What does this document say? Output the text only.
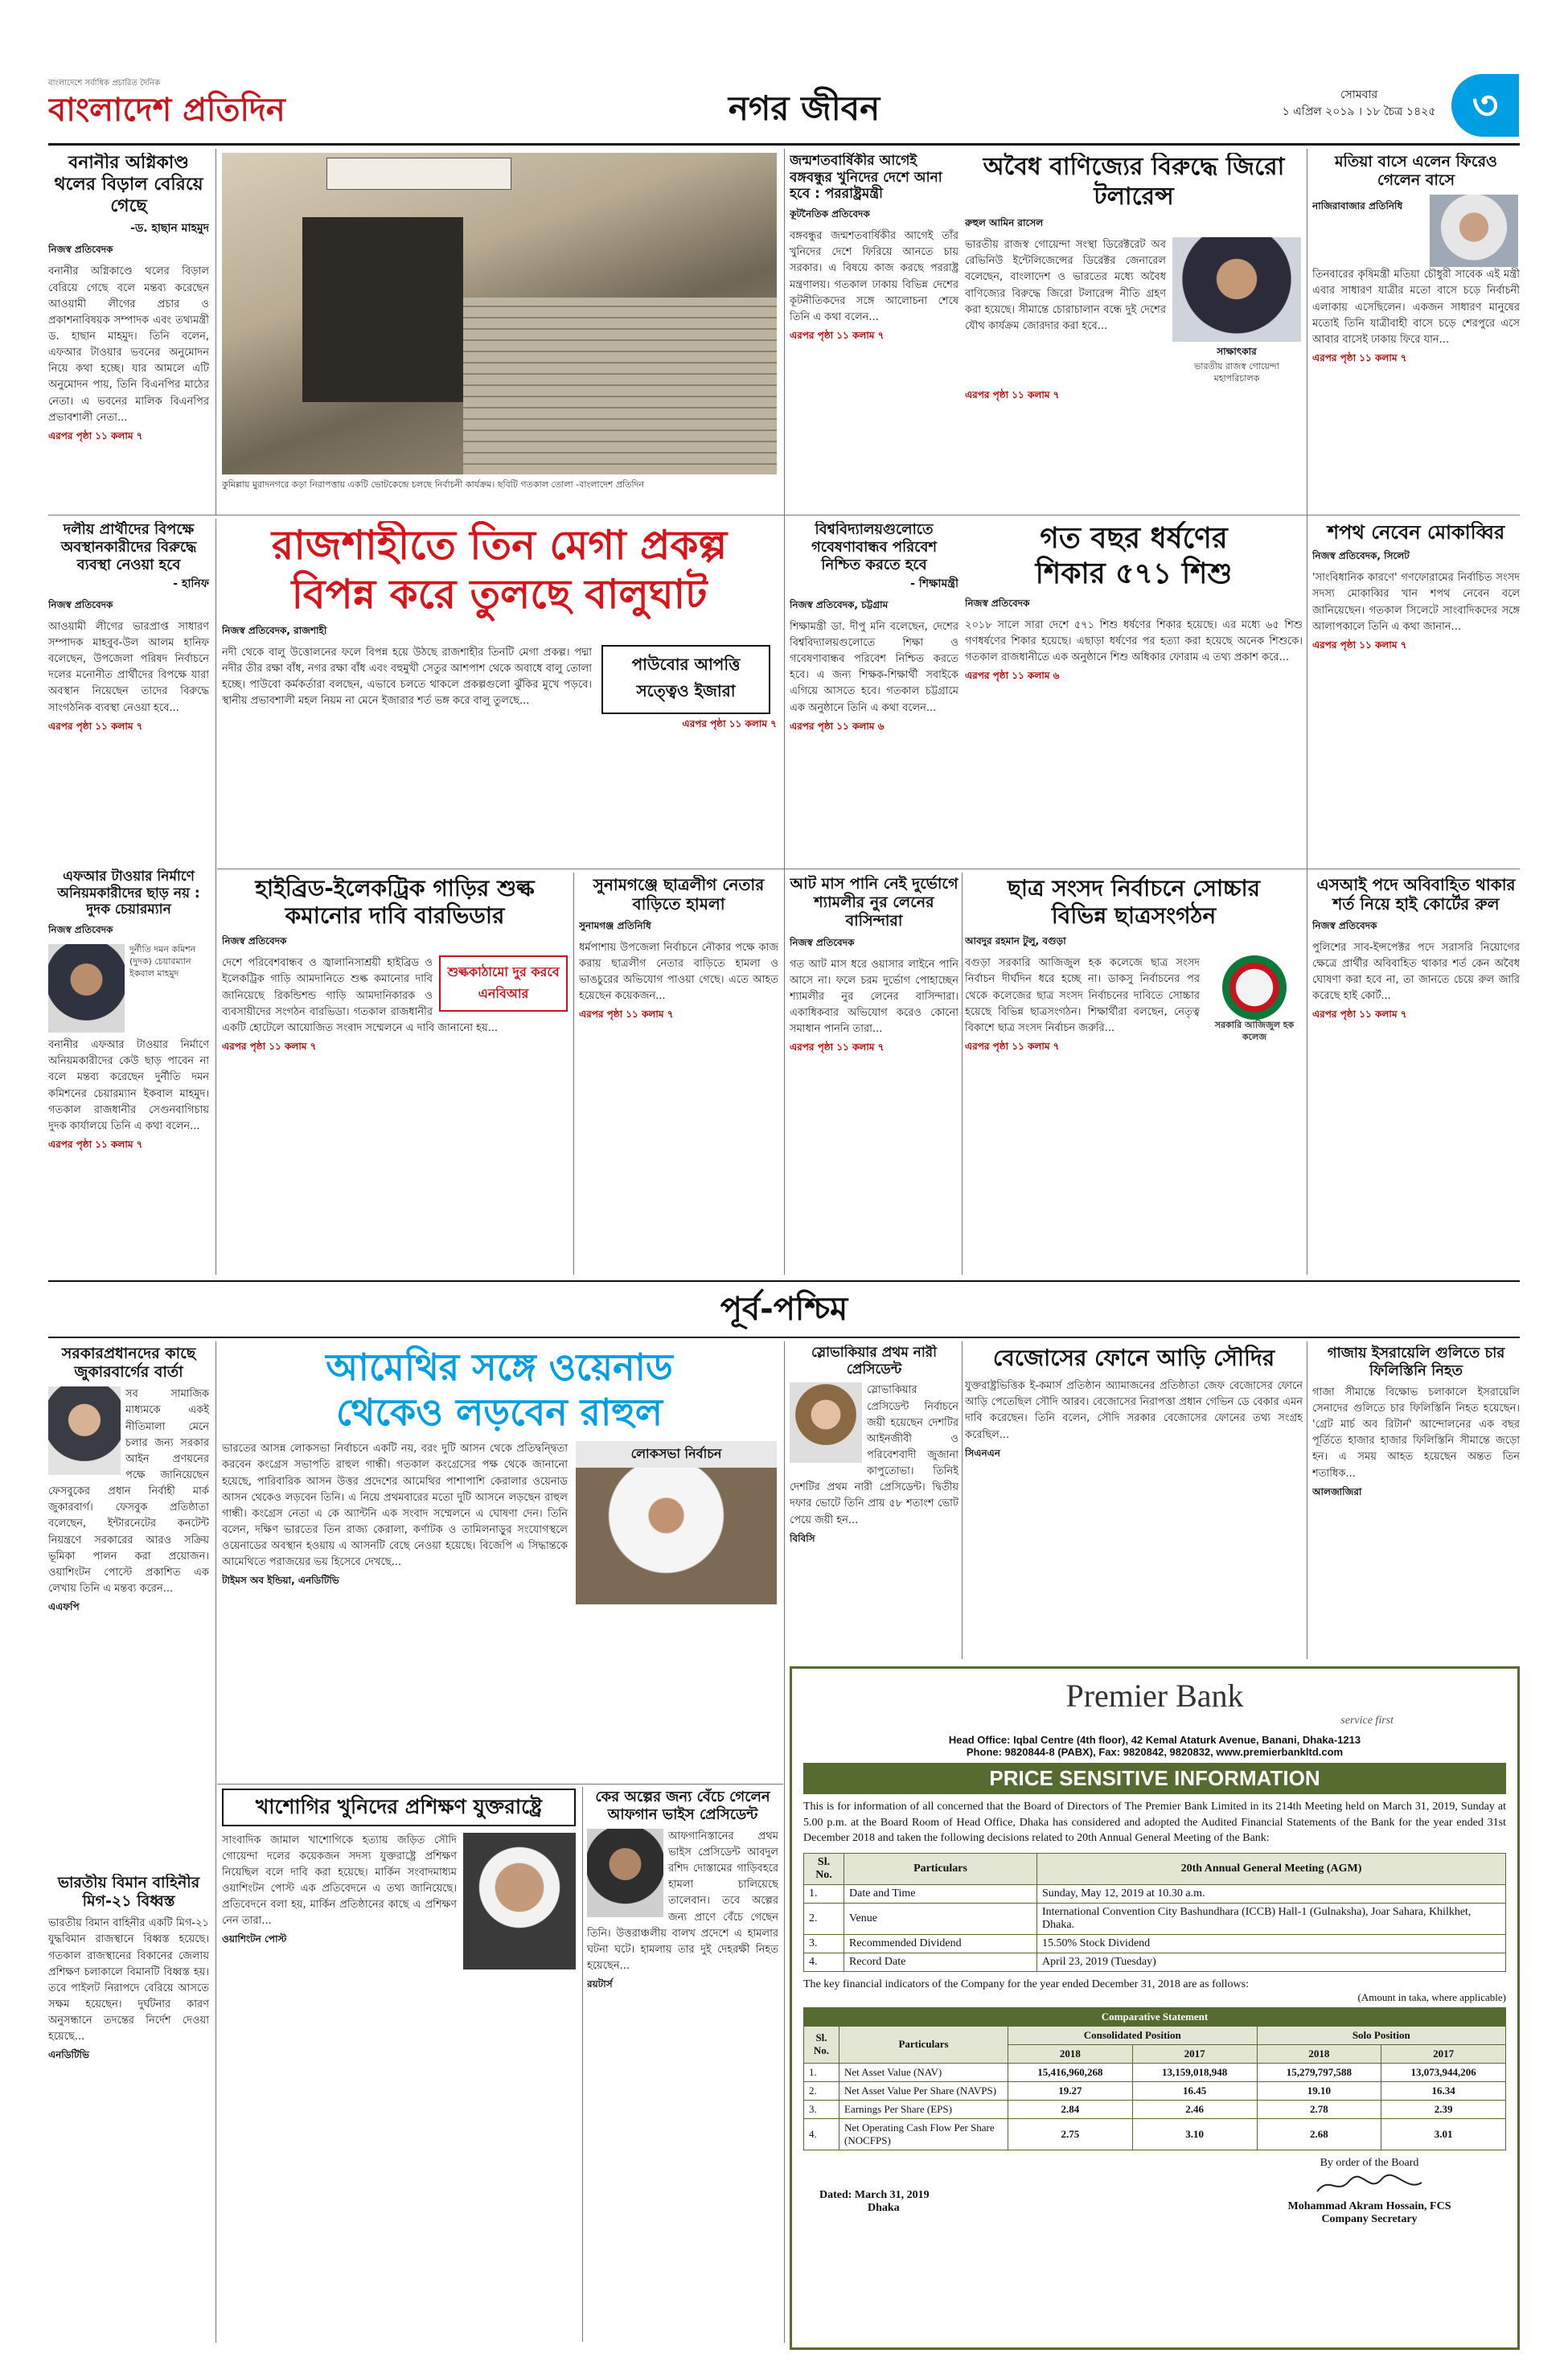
বাংলাদেশে সর্বাধিক প্রচারিত দৈনিক
বাংলাদেশ প্রতিদিন	নগর জীবন	সোমবার
১ এপ্রিল ২০১৯ । ১৮ চৈত্র ১৪২৫ ৩
বনানীর অগ্নিকাণ্ড থলের বিড়াল বেরিয়ে গেছে
-ড. হাছান মাহমুদ
নিজস্ব প্রতিবেদক
বনানীর অগ্নিকাণ্ডে থলের বিড়াল বেরিয়ে গেছে বলে মন্তব্য করেছেন আওয়ামী লীগের প্রচার ও প্রকাশনাবিষয়ক সম্পাদক এবং তথ্যমন্ত্রী ড. হাছান মাহমুদ। তিনি বলেন, এফআর টাওয়ার ভবনের অনুমোদন নিয়ে কথা হচ্ছে। যার আমলে এটি অনুমোদন পায়, তিনি বিএনপির মাঠের নেতা। এ ভবনের মালিক বিএনপির প্রভাবশালী নেতা...
এরপর পৃষ্ঠা ১১ কলাম ৭
কুমিল্লায় মুরাদনগরে কড়া নিরাপত্তায় একটি ভোটকেন্দ্রে চলছে নির্বাচনী কার্যক্রম। ছবিটি গতকাল তোলা -বাংলাদেশ প্রতিদিন
জন্মশতবার্ষিকীর আগেই বঙ্গবন্ধুর খুনিদের দেশে আনা হবে : পররাষ্ট্রমন্ত্রী
কূটনৈতিক প্রতিবেদক
বঙ্গবন্ধুর জন্মশতবার্ষিকীর আগেই তাঁর খুনিদের দেশে ফিরিয়ে আনতে চায় সরকার। এ বিষয়ে কাজ করছে পররাষ্ট্র মন্ত্রণালয়। গতকাল ঢাকায় বিভিন্ন দেশের কূটনীতিকদের সঙ্গে আলোচনা শেষে তিনি এ কথা বলেন...
এরপর পৃষ্ঠা ১১ কলাম ৭
অবৈধ বাণিজ্যের বিরুদ্ধে জিরো টলারেন্স
রুহুল আমিন রাসেল
ভারতীয় রাজস্ব গোয়েন্দা সংস্থা ডিরেক্টরেট অব রেভিনিউ ইন্টেলিজেন্সের ডিরেক্টর জেনারেল বলেছেন, বাংলাদেশ ও ভারতের মধ্যে অবৈধ বাণিজ্যের বিরুদ্ধে জিরো টলারেন্স নীতি গ্রহণ করা হয়েছে। সীমান্তে চোরাচালান বন্ধে দুই দেশের যৌথ কার্যক্রম জোরদার করা হবে...
সাক্ষাৎকার
ভারতীয় রাজস্ব গোয়েন্দা মহাপরিচালক
এরপর পৃষ্ঠা ১১ কলাম ৭
মতিয়া বাসে এলেন ফিরেও গেলেন বাসে
নাজিরাবাজার প্রতিনিধি
তিনবারের কৃষিমন্ত্রী মতিয়া চৌধুরী সাবেক এই মন্ত্রী এবার সাধারণ যাত্রীর মতো বাসে চড়ে নির্বাচনী এলাকায় এসেছিলেন। একজন সাধারণ মানুষের মতোই তিনি যাত্রীবাহী বাসে চড়ে শেরপুরে এসে আবার বাসেই ঢাকায় ফিরে যান...
এরপর পৃষ্ঠা ১১ কলাম ৭
দলীয় প্রার্থীদের বিপক্ষে অবস্থানকারীদের বিরুদ্ধে ব্যবস্থা নেওয়া হবে
- হানিফ
নিজস্ব প্রতিবেদক
আওয়ামী লীগের ভারপ্রাপ্ত সাধারণ সম্পাদক মাহবুব-উল আলম হানিফ বলেছেন, উপজেলা পরিষদ নির্বাচনে দলের মনোনীত প্রার্থীদের বিপক্ষে যারা অবস্থান নিয়েছেন তাদের বিরুদ্ধে সাংগঠনিক ব্যবস্থা নেওয়া হবে...
এরপর পৃষ্ঠা ১১ কলাম ৭
রাজশাহীতে তিন মেগা প্রকল্প
বিপন্ন করে তুলছে বালুঘাট
নিজস্ব প্রতিবেদক, রাজশাহী
নদী থেকে বালু উত্তোলনের ফলে বিপন্ন হয়ে উঠছে রাজশাহীর তিনটি মেগা প্রকল্প। পদ্মা নদীর তীর রক্ষা বাঁধ, নগর রক্ষা বাঁধ এবং বহুমুখী সেতুর আশপাশ থেকে অবাধে বালু তোলা হচ্ছে। পাউবো কর্মকর্তারা বলছেন, এভাবে চলতে থাকলে প্রকল্পগুলো ঝুঁকির মুখে পড়বে। স্থানীয় প্রভাবশালী মহল নিয়ম না মেনে ইজারার শর্ত ভঙ্গ করে বালু তুলছে...
পাউবোর আপত্তি সত্ত্বেও ইজারা
এরপর পৃষ্ঠা ১১ কলাম ৭
বিশ্ববিদ্যালয়গুলোতে গবেষণাবান্ধব পরিবেশ নিশ্চিত করতে হবে
- শিক্ষামন্ত্রী
নিজস্ব প্রতিবেদক, চট্টগ্রাম
শিক্ষামন্ত্রী ডা. দীপু মনি বলেছেন, দেশের বিশ্ববিদ্যালয়গুলোতে শিক্ষা ও গবেষণাবান্ধব পরিবেশ নিশ্চিত করতে হবে। এ জন্য শিক্ষক-শিক্ষার্থী সবাইকে এগিয়ে আসতে হবে। গতকাল চট্টগ্রামে এক অনুষ্ঠানে তিনি এ কথা বলেন...
এরপর পৃষ্ঠা ১১ কলাম ৬
গত বছর ধর্ষণের
শিকার ৫৭১ শিশু
নিজস্ব প্রতিবেদক
২০১৮ সালে সারা দেশে ৫৭১ শিশু ধর্ষণের শিকার হয়েছে। এর মধ্যে ৬৫ শিশু গণধর্ষণের শিকার হয়েছে। এছাড়া ধর্ষণের পর হত্যা করা হয়েছে অনেক শিশুকে। গতকাল রাজধানীতে এক অনুষ্ঠানে শিশু অধিকার ফোরাম এ তথ্য প্রকাশ করে...
এরপর পৃষ্ঠা ১১ কলাম ৬
শপথ নেবেন মোকাব্বির
নিজস্ব প্রতিবেদক, সিলেট
'সাংবিধানিক কারণে' গণফোরামের নির্বাচিত সংসদ সদস্য মোকাব্বির খান শপথ নেবেন বলে জানিয়েছেন। গতকাল সিলেটে সাংবাদিকদের সঙ্গে আলাপকালে তিনি এ কথা জানান...
এরপর পৃষ্ঠা ১১ কলাম ৭
এফআর টাওয়ার নির্মাণে অনিয়মকারীদের ছাড় নয় : দুদক চেয়ারম্যান
নিজস্ব প্রতিবেদক
দুর্নীতি দমন কমিশন (দুদক) চেয়ারম্যান ইকবাল মাহমুদ
বনানীর এফআর টাওয়ার নির্মাণে অনিয়মকারীদের কেউ ছাড় পাবেন না বলে মন্তব্য করেছেন দুর্নীতি দমন কমিশনের চেয়ারম্যান ইকবাল মাহমুদ। গতকাল রাজধানীর সেগুনবাগিচায় দুদক কার্যালয়ে তিনি এ কথা বলেন...
এরপর পৃষ্ঠা ১১ কলাম ৭
হাইব্রিড-ইলেকট্রিক গাড়ির শুল্ক
কমানোর দাবি বারভিডার
নিজস্ব প্রতিবেদক
শুল্ককাঠামো দুর করবে এনবিআর
দেশে পরিবেশবান্ধব ও জ্বালানিসাশ্রয়ী হাইব্রিড ও ইলেকট্রিক গাড়ি আমদানিতে শুল্ক কমানোর দাবি জানিয়েছে রিকন্ডিশন্ড গাড়ি আমদানিকারক ও ব্যবসায়ীদের সংগঠন বারভিডা। গতকাল রাজধানীর একটি হোটেলে আয়োজিত সংবাদ সম্মেলনে এ দাবি জানানো হয়...
এরপর পৃষ্ঠা ১১ কলাম ৭
সুনামগঞ্জে ছাত্রলীগ নেতার বাড়িতে হামলা
সুনামগঞ্জ প্রতিনিধি
ধর্মপাশায় উপজেলা নির্বাচনে নৌকার পক্ষে কাজ করায় ছাত্রলীগ নেতার বাড়িতে হামলা ও ভাঙচুরের অভিযোগ পাওয়া গেছে। এতে আহত হয়েছেন কয়েকজন...
এরপর পৃষ্ঠা ১১ কলাম ৭
আট মাস পানি নেই দুর্ভোগে শ্যামলীর নুর লেনের বাসিন্দারা
নিজস্ব প্রতিবেদক
গত আট মাস ধরে ওয়াসার লাইনে পানি আসে না। ফলে চরম দুর্ভোগ পোহাচ্ছেন শ্যামলীর নুর লেনের বাসিন্দারা। একাধিকবার অভিযোগ করেও কোনো সমাধান পাননি তারা...
এরপর পৃষ্ঠা ১১ কলাম ৭
ছাত্র সংসদ নির্বাচনে সোচ্চার
বিভিন্ন ছাত্রসংগঠন
আবদুর রহমান টুলু, বগুড়া
সরকারি আজিজুল হক কলেজ
বগুড়া সরকারি আজিজুল হক কলেজে ছাত্র সংসদ নির্বাচন দীর্ঘদিন ধরে হচ্ছে না। ডাকসু নির্বাচনের পর থেকে কলেজের ছাত্র সংসদ নির্বাচনের দাবিতে সোচ্চার হয়েছে বিভিন্ন ছাত্রসংগঠন। শিক্ষার্থীরা বলছেন, নেতৃত্ব বিকাশে ছাত্র সংসদ নির্বাচন জরুরি...
এরপর পৃষ্ঠা ১১ কলাম ৭
এসআই পদে অবিবাহিত থাকার শর্ত নিয়ে হাই কোর্টের রুল
নিজস্ব প্রতিবেদক
পুলিশের সাব-ইন্সপেক্টর পদে সরাসরি নিয়োগের ক্ষেত্রে প্রার্থীর অবিবাহিত থাকার শর্ত কেন অবৈধ ঘোষণা করা হবে না, তা জানতে চেয়ে রুল জারি করেছে হাই কোর্ট...
এরপর পৃষ্ঠা ১১ কলাম ৭
পূর্ব-পশ্চিম
সরকারপ্রধানদের কাছে জুকারবার্গের বার্তা
সব সামাজিক মাধ্যমকে একই নীতিমালা মেনে চলার জন্য সরকার আইন প্রণয়নের পক্ষে জানিয়েছেন ফেসবুকের প্রধান নির্বাহী মার্ক জুকারবার্গ। ফেসবুক প্রতিষ্ঠাতা বলেছেন, ইন্টারনেটের কনটেন্ট নিয়ন্ত্রণে সরকারের আরও সক্রিয় ভূমিকা পালন করা প্রয়োজন। ওয়াশিংটন পোস্টে প্রকাশিত এক লেখায় তিনি এ মন্তব্য করেন...
এএফপি
ভারতীয় বিমান বাহিনীর মিগ-২১ বিধ্বস্ত
ভারতীয় বিমান বাহিনীর একটি মিগ-২১ যুদ্ধবিমান রাজস্থানে বিধ্বস্ত হয়েছে। গতকাল রাজস্থানের বিকানের জেলায় প্রশিক্ষণ চলাকালে বিমানটি বিধ্বস্ত হয়। তবে পাইলট নিরাপদে বেরিয়ে আসতে সক্ষম হয়েছেন। দুর্ঘটনার কারণ অনুসন্ধানে তদন্তের নির্দেশ দেওয়া হয়েছে...
এনডিটিভি
আমেথির সঙ্গে ওয়েনাড
থেকেও লড়বেন রাহুল
লোকসভা নির্বাচন
ভারতের আসন্ন লোকসভা নির্বাচনে একটি নয়, বরং দুটি আসন থেকে প্রতিদ্বন্দ্বিতা করবেন কংগ্রেস সভাপতি রাহুল গান্ধী। গতকাল কংগ্রেসের পক্ষ থেকে জানানো হয়েছে, পারিবারিক আসন উত্তর প্রদেশের আমেথির পাশাপাশি কেরালার ওয়েনাড আসন থেকেও লড়বেন তিনি। এ নিয়ে প্রথমবারের মতো দুটি আসনে লড়ছেন রাহুল গান্ধী। কংগ্রেস নেতা এ কে অ্যান্টনি এক সংবাদ সম্মেলনে এ ঘোষণা দেন। তিনি বলেন, দক্ষিণ ভারতের তিন রাজ্য কেরালা, কর্ণাটক ও তামিলনাড়ুর সংযোগস্থলে ওয়েনাডের অবস্থান হওয়ায় এ আসনটি বেছে নেওয়া হয়েছে। বিজেপি এ সিদ্ধান্তকে আমেথিতে পরাজয়ের ভয় হিসেবে দেখছে...
টাইমস অব ইন্ডিয়া, এনডিটিভি
খাশোগির খুনিদের প্রশিক্ষণ যুক্তরাষ্ট্রে
সাংবাদিক জামাল খাশোগিকে হত্যায় জড়িত সৌদি গোয়েন্দা দলের কয়েকজন সদস্য যুক্তরাষ্ট্রে প্রশিক্ষণ নিয়েছিল বলে দাবি করা হয়েছে। মার্কিন সংবাদমাধ্যম ওয়াশিংটন পোস্ট এক প্রতিবেদনে এ তথ্য জানিয়েছে। প্রতিবেদনে বলা হয়, মার্কিন প্রতিষ্ঠানের কাছে এ প্রশিক্ষণ নেন তারা...
ওয়াশিংটন পোস্ট
কের অল্পের জন্য বেঁচে গেলেন আফগান ভাইস প্রেসিডেন্ট
আফগানিস্তানের প্রথম ভাইস প্রেসিডেন্ট আবদুল রশিদ দোস্তামের গাড়িবহরে হামলা চালিয়েছে তালেবান। তবে অল্পের জন্য প্রাণে বেঁচে গেছেন তিনি। উত্তরাঞ্চলীয় বালখ প্রদেশে এ হামলার ঘটনা ঘটে। হামলায় তার দুই দেহরক্ষী নিহত হয়েছেন...
রয়টার্স
স্লোভাকিয়ার প্রথম নারী প্রেসিডেন্ট
স্লোভাকিয়ার প্রেসিডেন্ট নির্বাচনে জয়ী হয়েছেন দেশটির আইনজীবী ও পরিবেশবাদী জুজানা কাপুতোভা। তিনিই দেশটির প্রথম নারী প্রেসিডেন্ট। দ্বিতীয় দফার ভোটে তিনি প্রায় ৫৮ শতাংশ ভোট পেয়ে জয়ী হন...
বিবিসি
বেজোসের ফোনে আড়ি সৌদির
যুক্তরাষ্ট্রভিত্তিক ই-কমার্স প্রতিষ্ঠান অ্যামাজনের প্রতিষ্ঠাতা জেফ বেজোসের ফোনে আড়ি পেতেছিল সৌদি আরব। বেজোসের নিরাপত্তা প্রধান গেভিন ডে বেকার এমন দাবি করেছেন। তিনি বলেন, সৌদি সরকার বেজোসের ফোনের তথ্য সংগ্রহ করেছিল...
সিএনএন
গাজায় ইসরায়েলি গুলিতে চার ফিলিস্তিনি নিহত
গাজা সীমান্তে বিক্ষোভ চলাকালে ইসরায়েলি সেনাদের গুলিতে চার ফিলিস্তিনি নিহত হয়েছেন। 'গ্রেট মার্চ অব রিটার্ন' আন্দোলনের এক বছর পূর্তিতে হাজার হাজার ফিলিস্তিনি সীমান্তে জড়ো হন। এ সময় আহত হয়েছেন অন্তত তিন শতাধিক...
আলজাজিরা
Premier Bank
service first
Head Office: Iqbal Centre (4th floor), 42 Kemal Ataturk Avenue, Banani, Dhaka-1213
Phone: 9820844-8 (PABX), Fax: 9820842, 9820832, www.premierbankltd.com
PRICE SENSITIVE INFORMATION
This is for information of all concerned that the Board of Directors of The Premier Bank Limited in its 214th Meeting held on March 31, 2019, Sunday at 5.00 p.m. at the Board Room of Head Office, Dhaka has considered and adopted the Audited Financial Statements of the Bank for the year ended 31st December 2018 and taken the following decisions related to 20th Annual General Meeting of the Bank:
Sl. No.	Particulars	20th Annual General Meeting (AGM)
1.	Date and Time	Sunday, May 12, 2019 at 10.30 a.m.
2.	Venue	International Convention City Bashundhara (ICCB) Hall-1 (Gulnaksha), Joar Sahara, Khilkhet, Dhaka.
3.	Recommended Dividend	15.50% Stock Dividend
4.	Record Date	April 23, 2019 (Tuesday)
The key financial indicators of the Company for the year ended December 31, 2018 are as follows:
(Amount in taka, where applicable)
Comparative Statement					
Sl. No.	Particulars	Consolidated Position		Solo Position	
		2018	2017	2018	2017
1.	Net Asset Value (NAV)	15,416,960,268	13,159,018,948	15,279,797,588	13,073,944,206
2.	Net Asset Value Per Share (NAVPS)	19.27	16.45	19.10	16.34
3.	Earnings Per Share (EPS)	2.84	2.46	2.78	2.39
4.	Net Operating Cash Flow Per Share (NOCFPS)	2.75	3.10	2.68	3.01
Dated: March 31, 2019
Dhaka
By order of the Board
Mohammad Akram Hossain, FCS
Company Secretary
